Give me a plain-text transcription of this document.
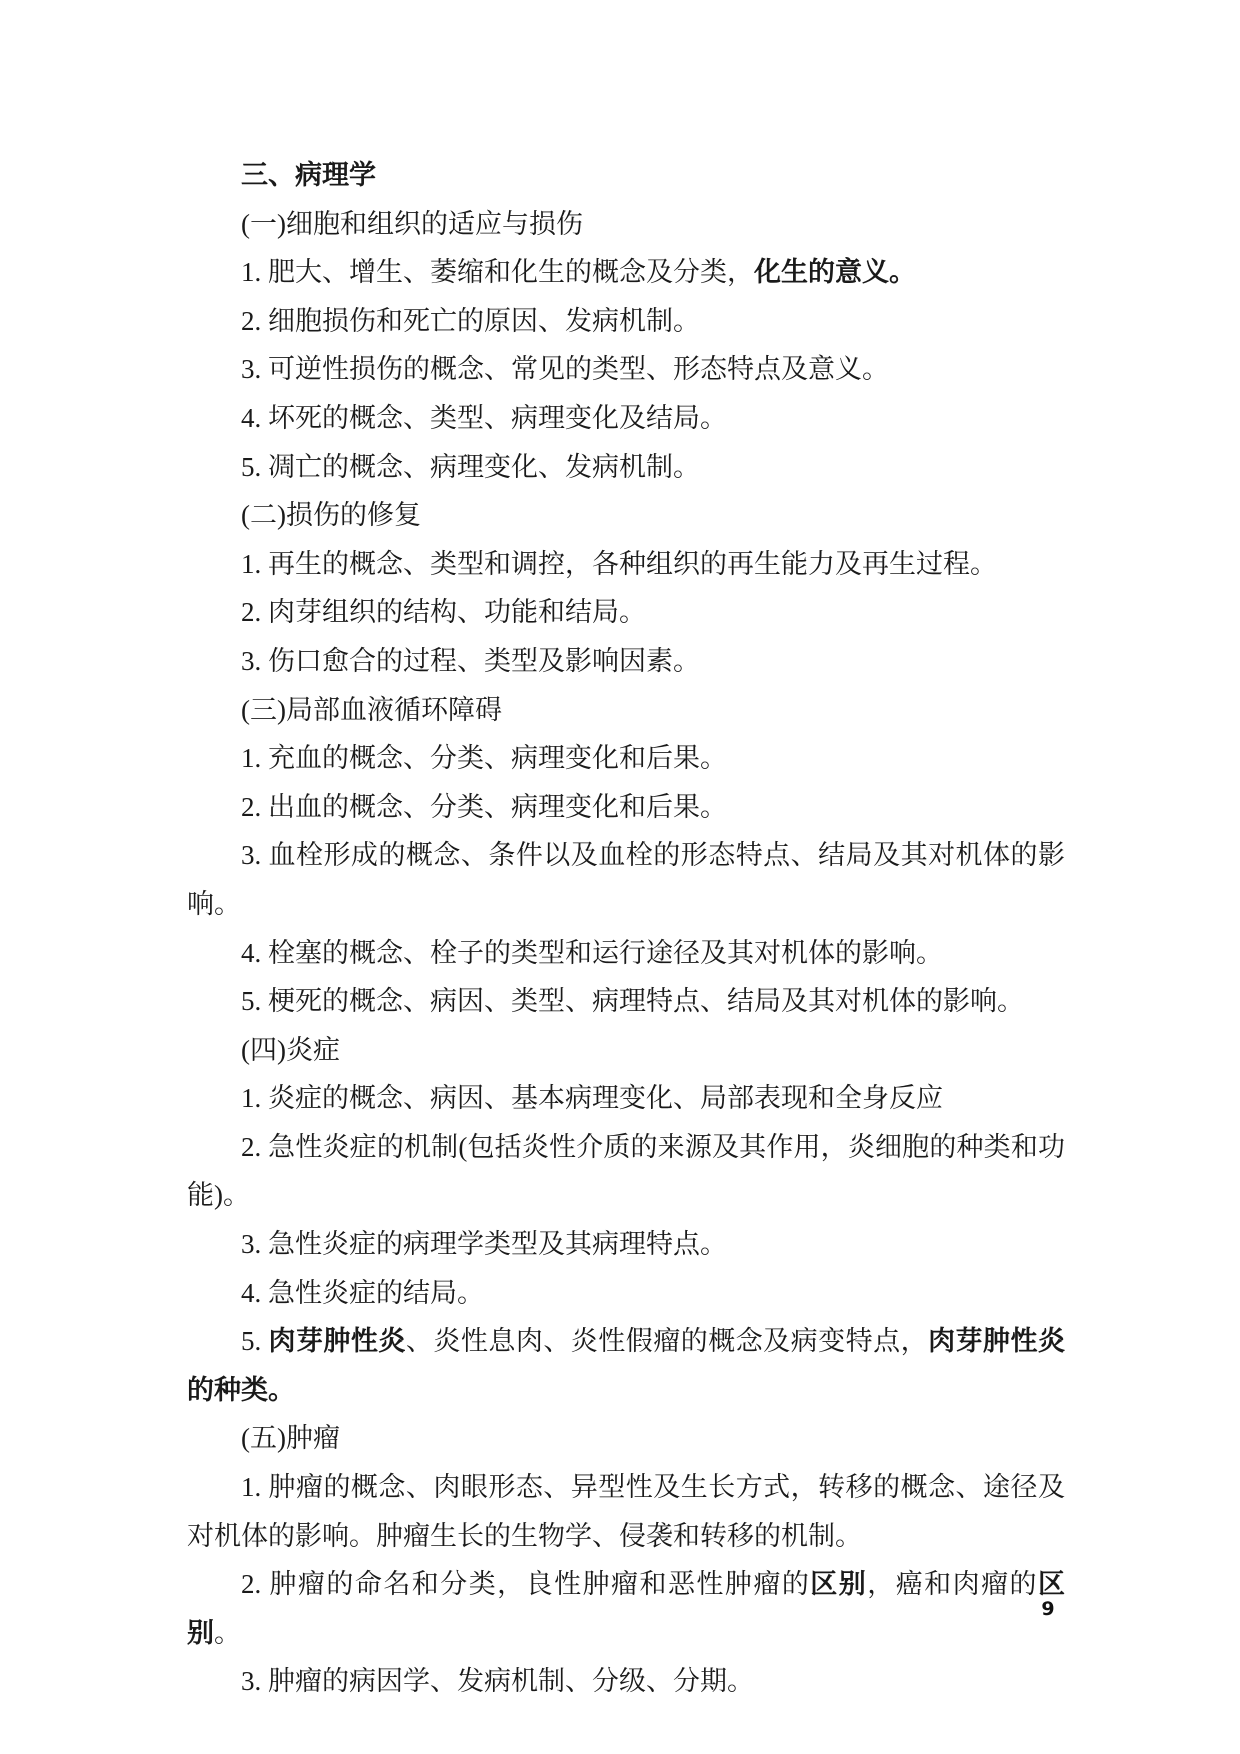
三、病理学

(一)细胞和组织的适应与损伤

1. 肥大、增生、萎缩和化生的概念及分类，化生的意义。

2. 细胞损伤和死亡的原因、发病机制。

3. 可逆性损伤的概念、常见的类型、形态特点及意义。

4. 坏死的概念、类型、病理变化及结局。

5. 凋亡的概念、病理变化、发病机制。

(二)损伤的修复

1. 再生的概念、类型和调控，各种组织的再生能力及再生过程。

2. 肉芽组织的结构、功能和结局。

3. 伤口愈合的过程、类型及影响因素。

(三)局部血液循环障碍

1. 充血的概念、分类、病理变化和后果。

2. 出血的概念、分类、病理变化和后果。

3. 血栓形成的概念、条件以及血栓的形态特点、结局及其对机体的影响。

4. 栓塞的概念、栓子的类型和运行途径及其对机体的影响。

5. 梗死的概念、病因、类型、病理特点、结局及其对机体的影响。

(四)炎症

1. 炎症的概念、病因、基本病理变化、局部表现和全身反应

2. 急性炎症的机制(包括炎性介质的来源及其作用，炎细胞的种类和功能)。

3. 急性炎症的病理学类型及其病理特点。

4. 急性炎症的结局。

5. 肉芽肿性炎、炎性息肉、炎性假瘤的概念及病变特点，肉芽肿性炎的种类。

(五)肿瘤

1. 肿瘤的概念、肉眼形态、异型性及生长方式，转移的概念、途径及对机体的影响。肿瘤生长的生物学、侵袭和转移的机制。

2. 肿瘤的命名和分类，良性肿瘤和恶性肿瘤的区别，癌和肉瘤的区别。

3. 肿瘤的病因学、发病机制、分级、分期。

9
